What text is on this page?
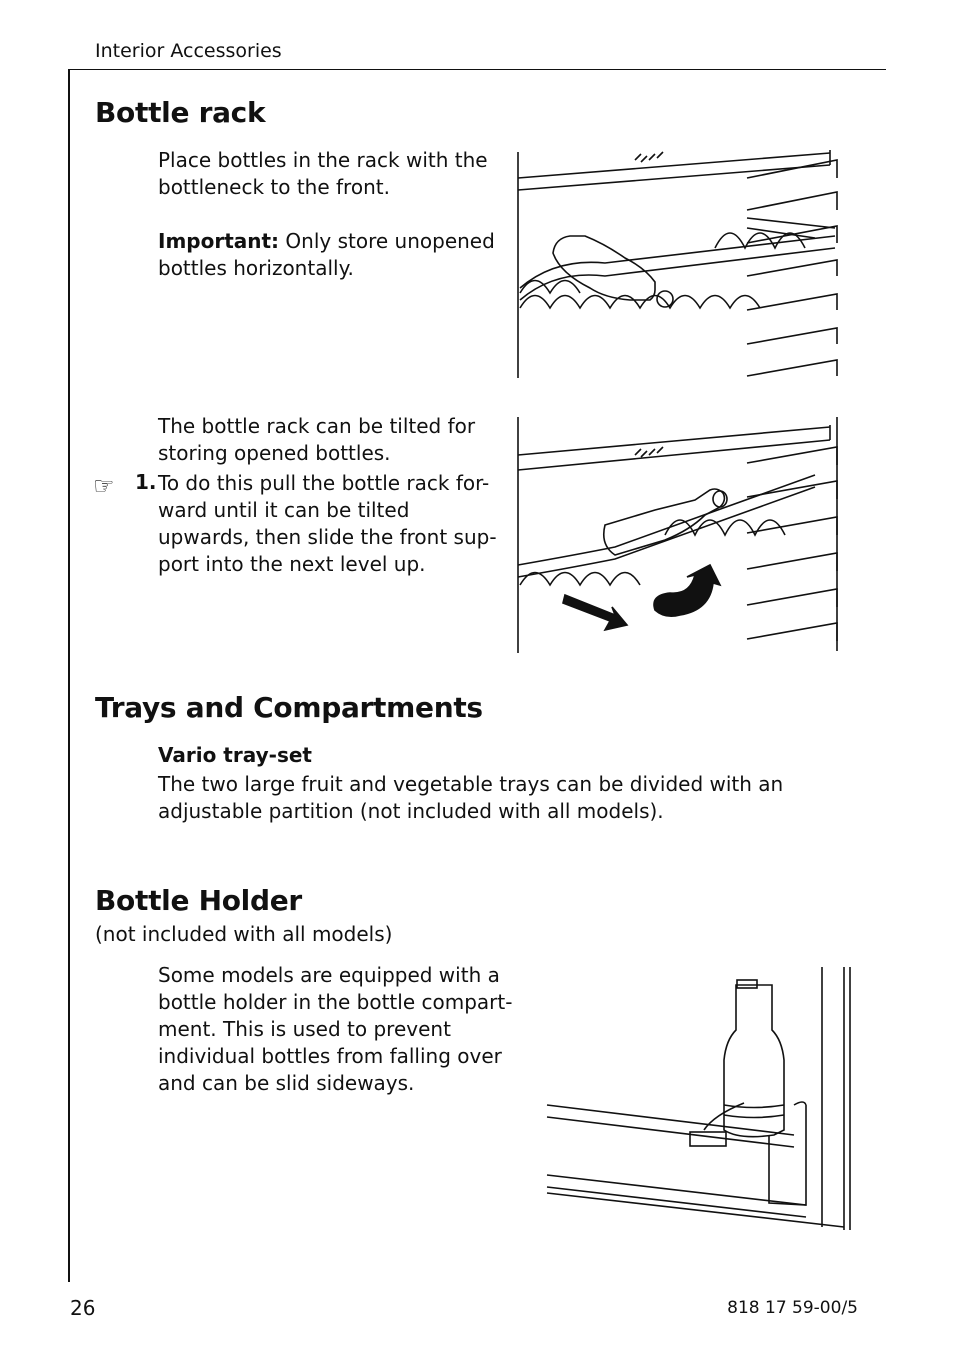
Interior Accessories
Bottle rack

Place bottles in the rack with the bottleneck to the front.

Important: Only store unopened bottles horizontally.

The bottle rack can be tilted for storing opened bottles.

☞ 1. To do this pull the bottle rack for-ward until it can be tilted upwards, then slide the front sup-port into the next level up.

Trays and Compartments
Vario tray-set

The two large fruit and vegetable trays can be divided with an adjustable partition (not included with all models).

Bottle Holder
(not included with all models)

Some models are equipped with a bottle holder in the bottle compart-ment. This is used to prevent individual bottles from falling over and can be slid sideways.

26	818 17 59-00/5
